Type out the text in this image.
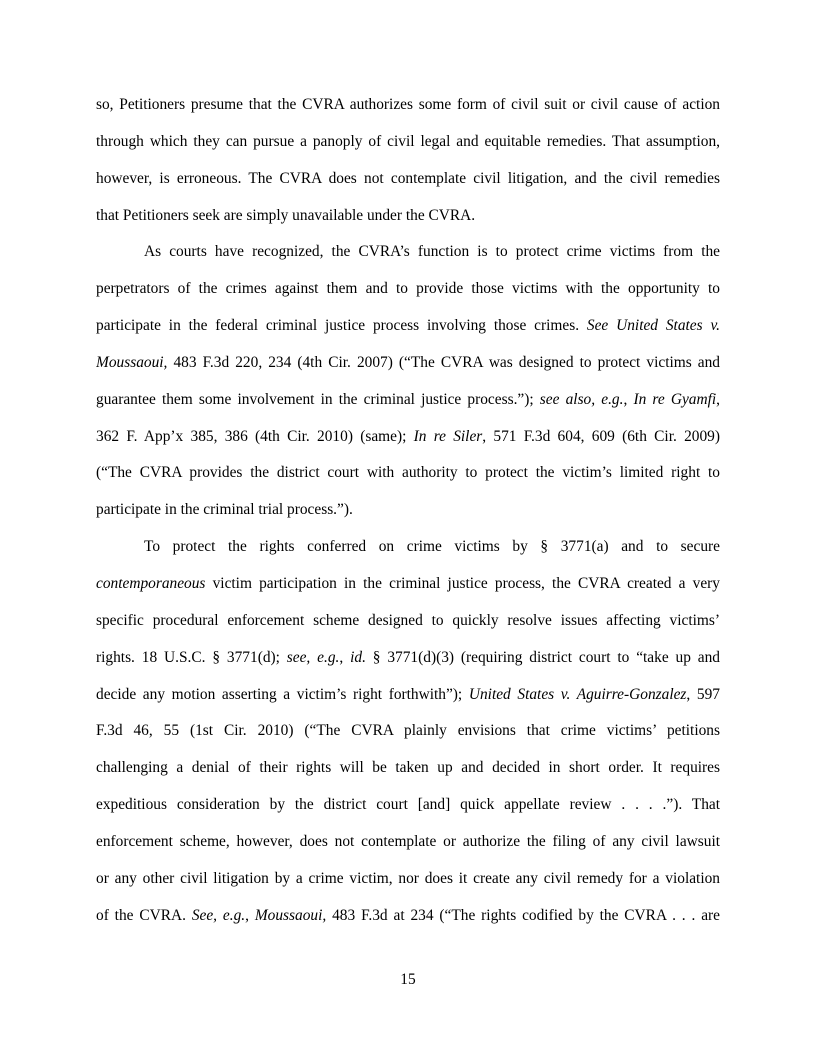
so, Petitioners presume that the CVRA authorizes some form of civil suit or civil cause of action
through which they can pursue a panoply of civil legal and equitable remedies. That assumption,
however, is erroneous. The CVRA does not contemplate civil litigation, and the civil remedies
that Petitioners seek are simply unavailable under the CVRA.
As courts have recognized, the CVRA’s function is to protect crime victims from the
perpetrators of the crimes against them and to provide those victims with the opportunity to
participate in the federal criminal justice process involving those crimes. See United States v.
Moussaoui, 483 F.3d 220, 234 (4th Cir. 2007) (“The CVRA was designed to protect victims and
guarantee them some involvement in the criminal justice process.”); see also, e.g., In re Gyamfi,
362 F. App’x 385, 386 (4th Cir. 2010) (same); In re Siler, 571 F.3d 604, 609 (6th Cir. 2009)
(“The CVRA provides the district court with authority to protect the victim’s limited right to
participate in the criminal trial process.”).
To protect the rights conferred on crime victims by § 3771(a) and to secure
contemporaneous victim participation in the criminal justice process, the CVRA created a very
specific procedural enforcement scheme designed to quickly resolve issues affecting victims’
rights. 18 U.S.C. § 3771(d); see, e.g., id. § 3771(d)(3) (requiring district court to “take up and
decide any motion asserting a victim’s right forthwith”); United States v. Aguirre-Gonzalez, 597
F.3d 46, 55 (1st Cir. 2010) (“The CVRA plainly envisions that crime victims’ petitions
challenging a denial of their rights will be taken up and decided in short order. It requires
expeditious consideration by the district court [and] quick appellate review . . . .”). That
enforcement scheme, however, does not contemplate or authorize the filing of any civil lawsuit
or any other civil litigation by a crime victim, nor does it create any civil remedy for a violation
of the CVRA. See, e.g., Moussaoui, 483 F.3d at 234 (“The rights codified by the CVRA . . . are
15
